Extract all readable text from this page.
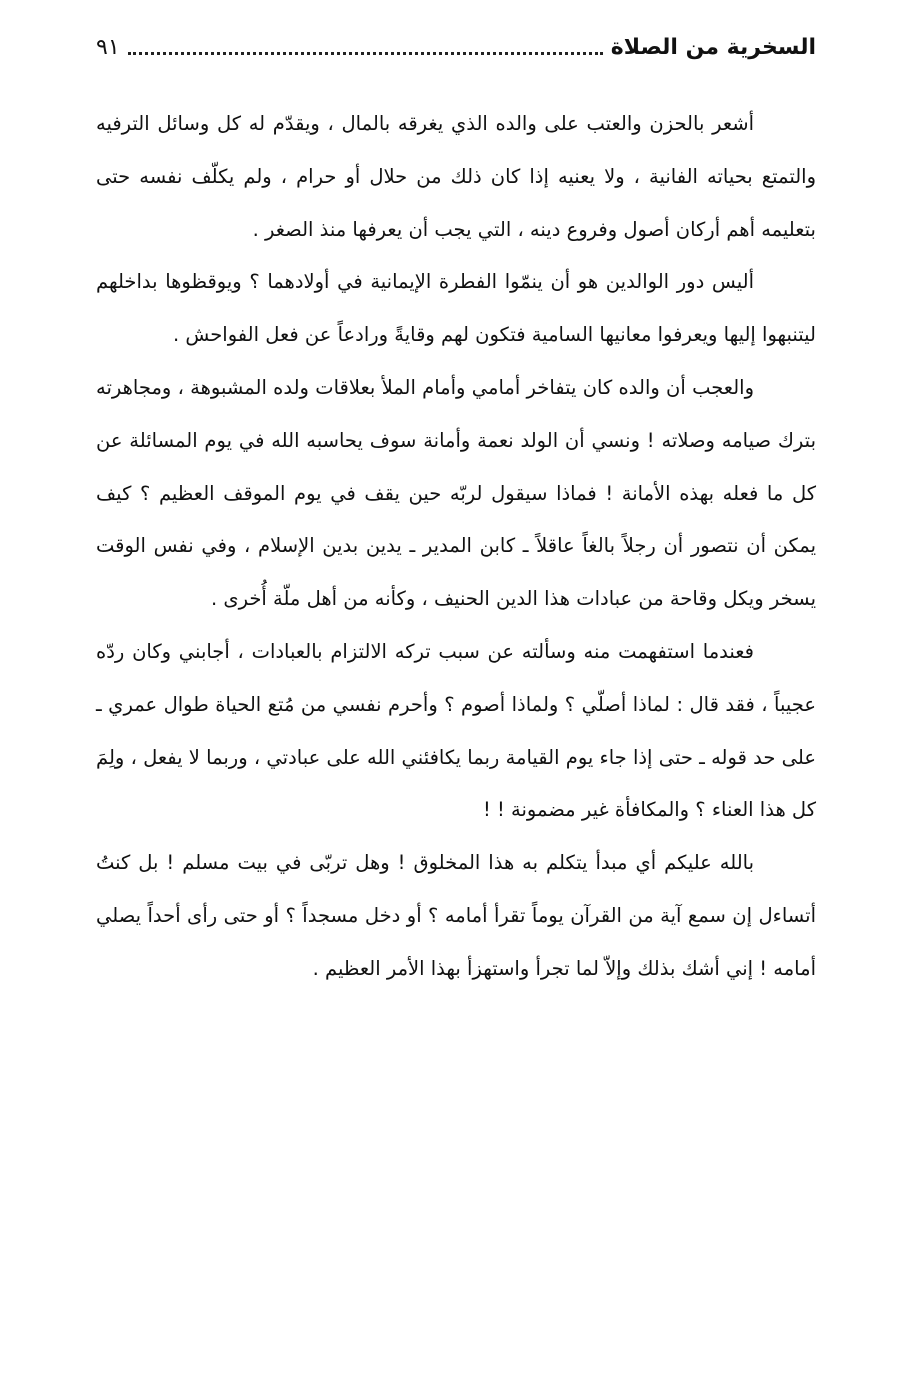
السخرية من الصلاة
٩١

أشعر بالحزن والعتب على والده الذي يغرقه بالمال ، ويقدّم له كل وسائل الترفيه والتمتع بحياته الفانية ، ولا يعنيه إذا كان ذلك من حلال أو حرام ، ولم يكلّف نفسه حتى بتعليمه أهم أركان أصول وفروع دينه ، التي يجب أن يعرفها منذ الصغر .

أليس دور الوالدين هو أن ينمّوا الفطرة الإيمانية في أولادهما ؟ ويوقظوها بداخلهم ليتنبهوا إليها ويعرفوا معانيها السامية فتكون لهم وقايةً ورادعاً عن فعل الفواحش .

والعجب أن والده كان يتفاخر أمامي وأمام الملأ بعلاقات ولده المشبوهة ، ومجاهرته بترك صيامه وصلاته ! ونسي أن الولد نعمة وأمانة سوف يحاسبه الله في يوم المسائلة عن كل ما فعله بهذه الأمانة ! فماذا سيقول لربّه حين يقف في يوم الموقف العظيم ؟ كيف يمكن أن نتصور أن رجلاً بالغاً عاقلاً ـ كابن المدير ـ يدين بدين الإسلام ، وفي نفس الوقت يسخر ويكل وقاحة من عبادات هذا الدين الحنيف ، وكأنه من أهل ملّة أُخرى .

فعندما استفهمت منه وسألته عن سبب تركه الالتزام بالعبادات ، أجابني وكان ردّه عجيباً ، فقد قال : لماذا أصلّي ؟ ولماذا أصوم ؟ وأحرم نفسي من مُتع الحياة طوال عمري ـ على حد قوله ـ حتى إذا جاء يوم القيامة ربما يكافئني الله على عبادتي ، وربما لا يفعل ، ولِمَ كل هذا العناء ؟ والمكافأة غير مضمونة ! !

بالله عليكم أي مبدأ يتكلم به هذا المخلوق ! وهل تربّى في بيت مسلم ! بل كنتُ أتساءل إن سمع آية من القرآن يوماً تقرأ أمامه ؟ أو دخل مسجداً ؟ أو حتى رأى أحداً يصلي أمامه ! إني أشك بذلك وإلاّ لما تجرأ واستهزأ بهذا الأمر العظيم .
